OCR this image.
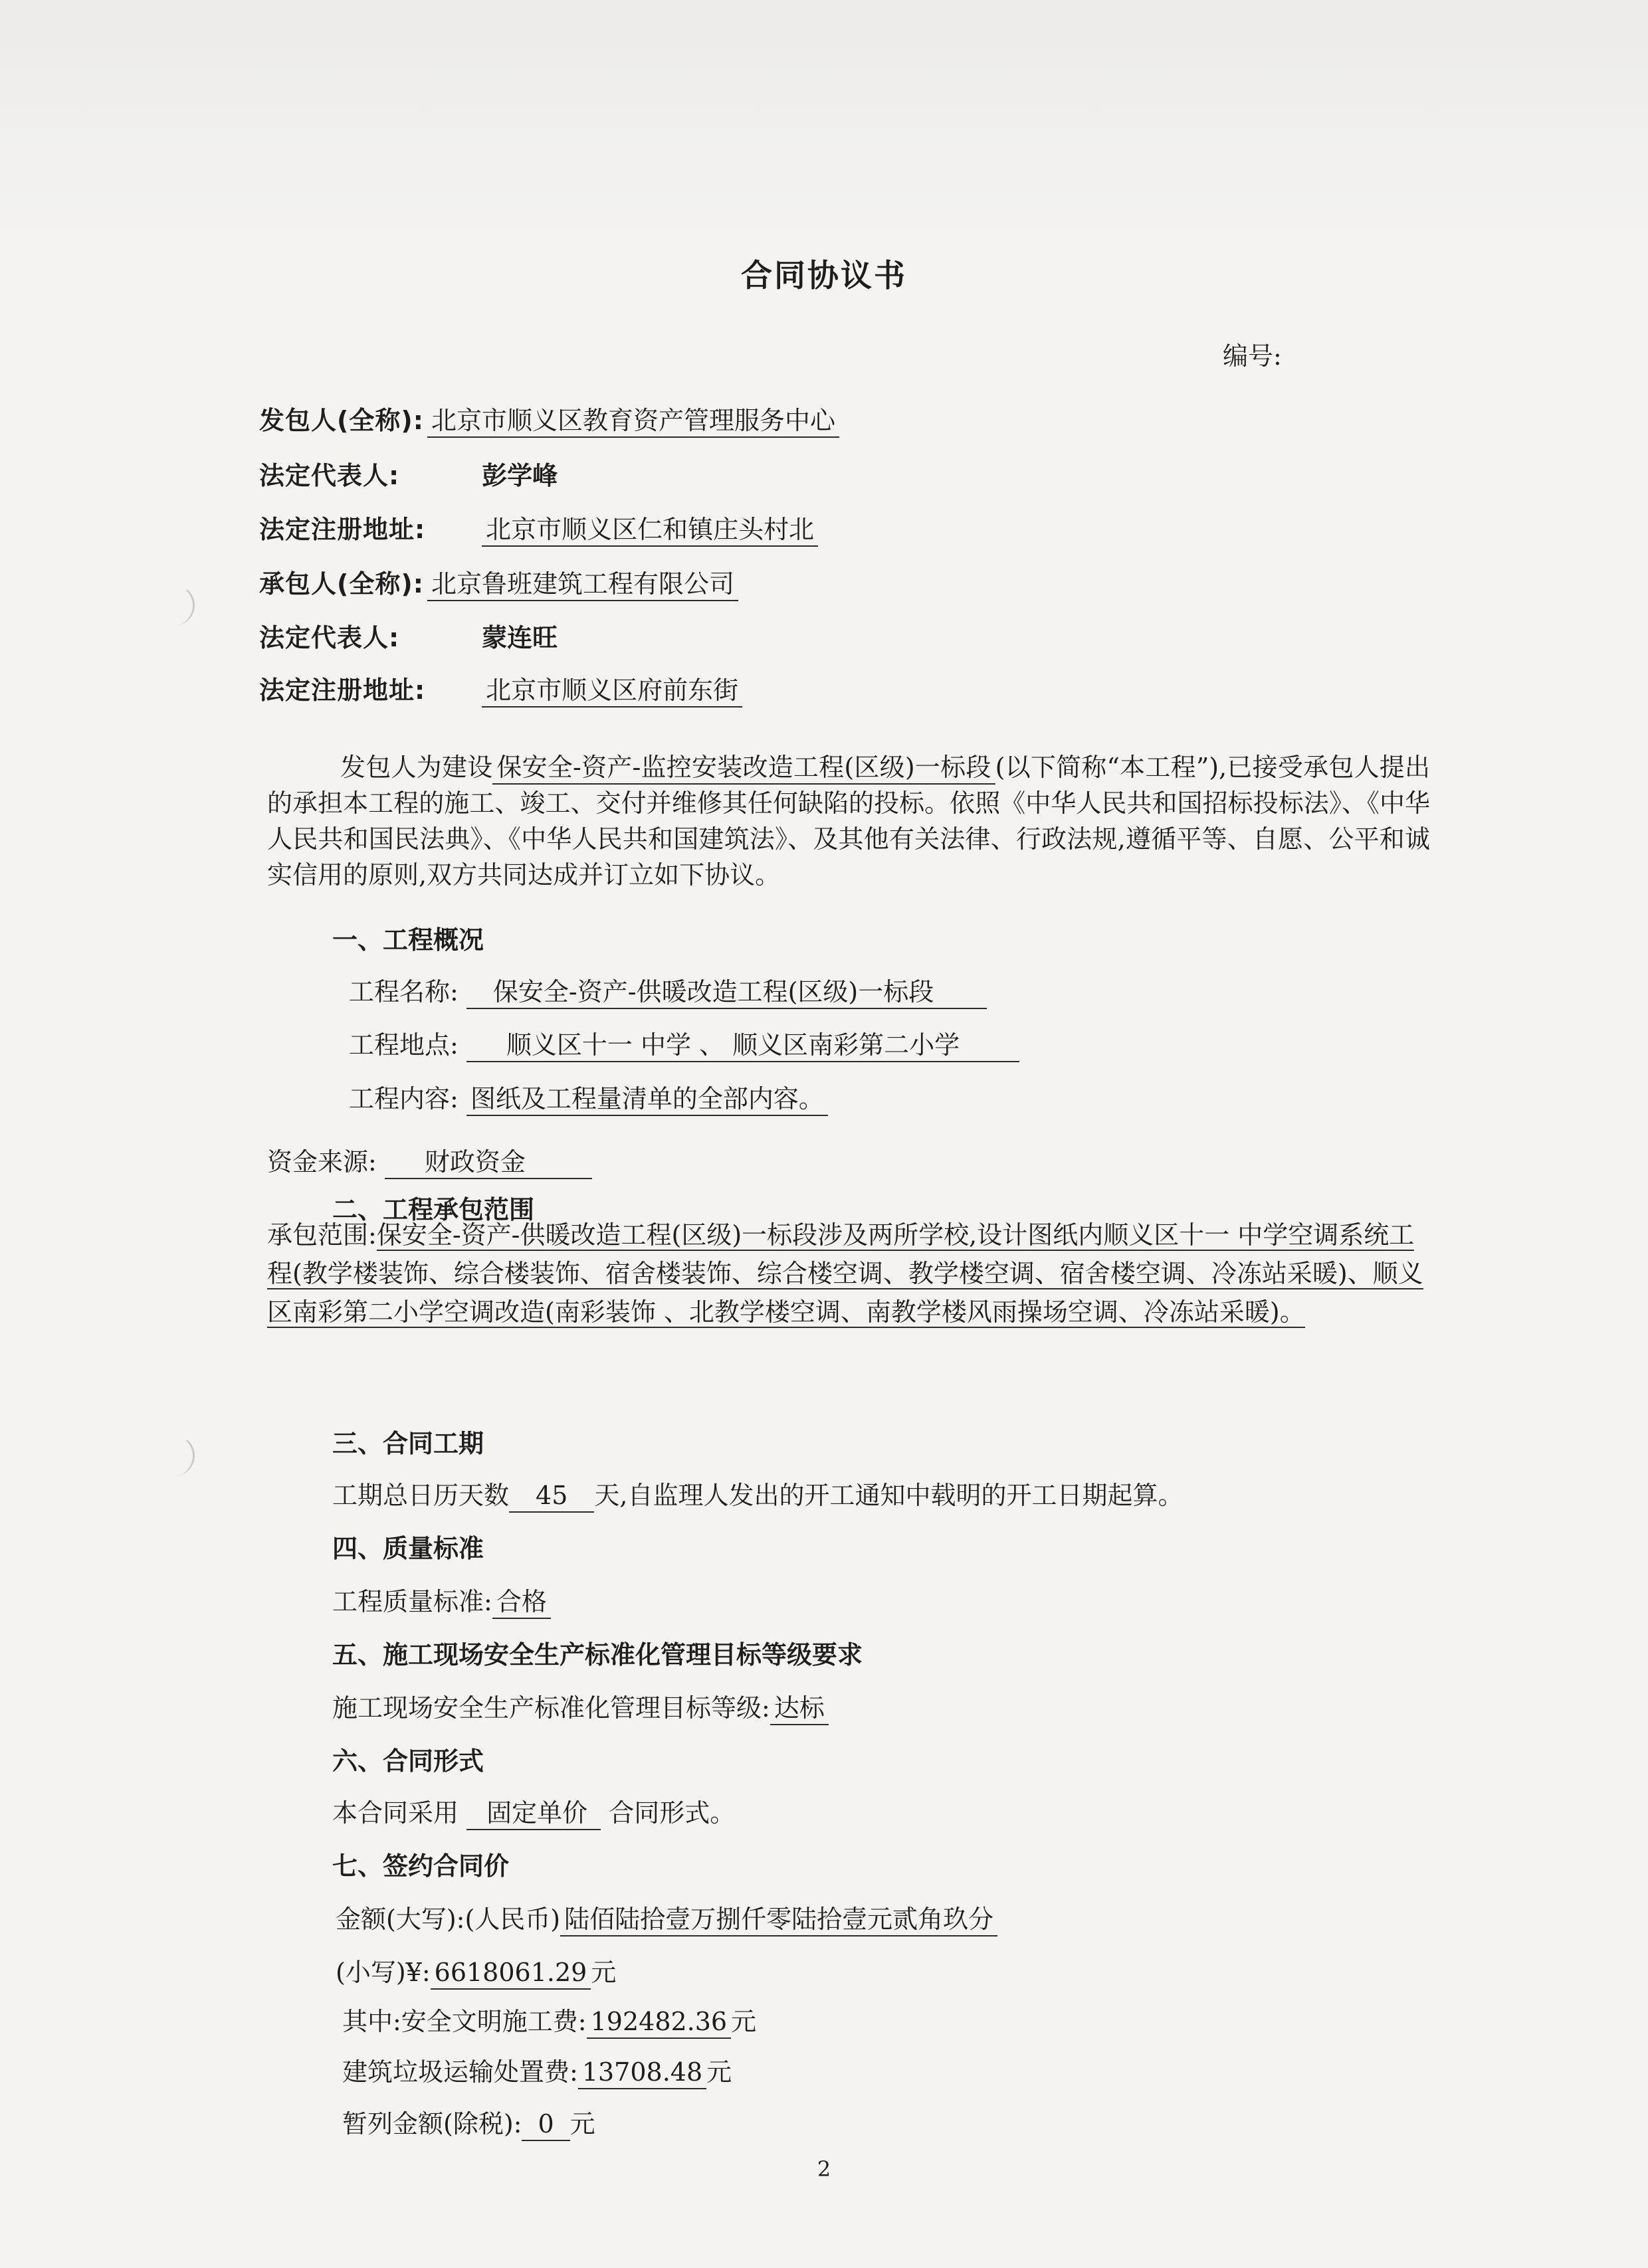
合同协议书
编号:
发包人(全称): 北京市顺义区教育资产管理服务中心
法定代表人:	彭学峰
法定注册地址: 北京市顺义区仁和镇庄头村北
承包人(全称): 北京鲁班建筑工程有限公司
法定代表人:	蒙连旺
法定注册地址: 北京市顺义区府前东街

发包人为建设 保安全-资产-监控安装改造工程(区级)一标段 (以下简称“本工程”),已接受承包人提出的承担本工程的施工、竣工、交付并维修其任何缺陷的投标。依照《中华人民共和国招标投标法》、《中华人民共和国民法典》、《中华人民共和国建筑法》、及其他有关法律、行政法规,遵循平等、自愿、公平和诚实信用的原则,双方共同达成并订立如下协议。

一、工程概况
工程名称: 保安全-资产-供暖改造工程(区级)一标段
工程地点: 顺义区十一 中学 、 顺义区南彩第二小学
工程内容: 图纸及工程量清单的全部内容。
资金来源: 财政资金
二、工程承包范围
承包范围:保安全-资产-供暖改造工程(区级)一标段涉及两所学校,设计图纸内顺义区十一 中学空调系统工程(教学楼装饰、综合楼装饰、宿舍楼装饰、综合楼空调、教学楼空调、宿舍楼空调、冷冻站采暖)、顺义区南彩第二小学空调改造(南彩装饰 、北教学楼空调、南教学楼风雨操场空调、冷冻站采暖)。
三、合同工期
工期总日历天数 45 天,自监理人发出的开工通知中载明的开工日期起算。
四、质量标准
工程质量标准: 合格
五、施工现场安全生产标准化管理目标等级要求
施工现场安全生产标准化管理目标等级: 达标
六、合同形式
本合同采用 固定单价 合同形式。
七、签约合同价
金额(大写):(人民币) 陆佰陆拾壹万捌仟零陆拾壹元贰角玖分
(小写)¥: 6618061.29 元
其中:安全文明施工费: 192482.36 元
建筑垃圾运输处置费: 13708.48 元
暂列金额(除税): 0 元
2
